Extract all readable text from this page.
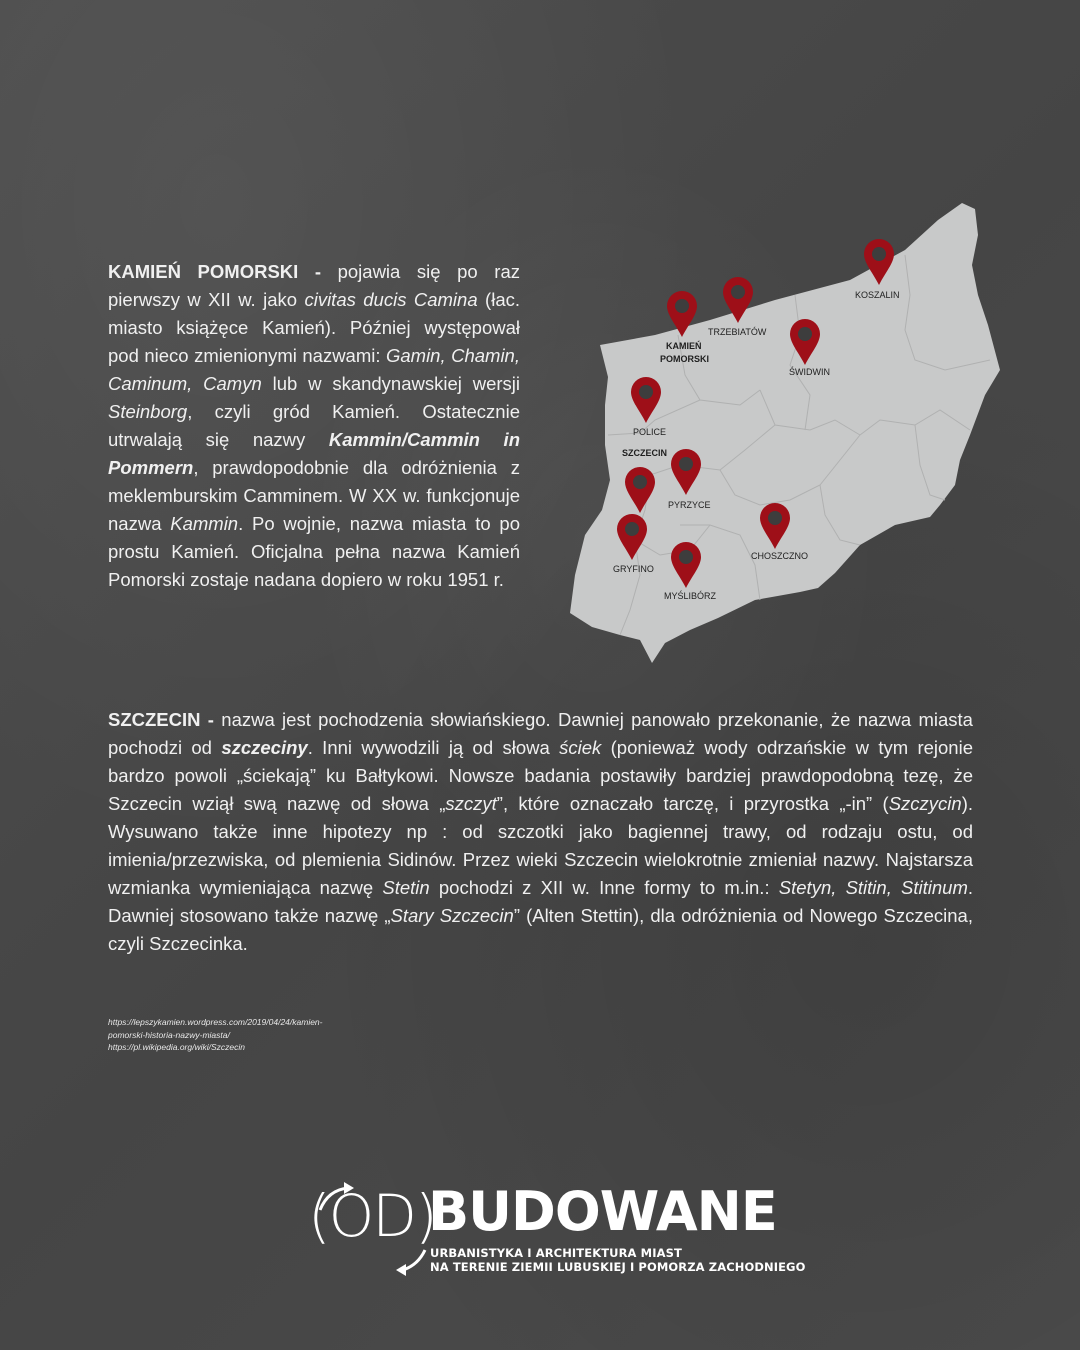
KAMIEŃ POMORSKI - pojawia się po raz pierwszy w XII w. jako civitas ducis Camina (łac. miasto książęce Kamień). Później występował pod nieco zmienionymi nazwami: Gamin, Chamin, Caminum, Camyn lub w skandynawskiej wersji Steinborg, czyli gród Kamień. Ostatecznie utrwalają się nazwy Kammin/Cammin in Pommern, prawdopodobnie dla odróżnienia z meklemburskim Camminem. W XX w. funkcjonuje nazwa Kammin. Po wojnie, nazwa miasta to po prostu Kamień. Oficjalna pełna nazwa Kamień Pomorski zostaje nadana dopiero w roku 1951 r.
KOSZALIN
TRZEBIATÓW
KAMIEŃ
POMORSKI
ŚWIDWIN
POLICE
SZCZECIN
PYRZYCE
GRYFINO
MYŚLIBÓRZ
CHOSZCZNO
SZCZECIN - nazwa jest pochodzenia słowiańskiego. Dawniej panowało przekonanie, że nazwa miasta pochodzi od szczeciny. Inni wywodzili ją od słowa ściek (ponieważ wody odrzańskie w tym rejonie bardzo powoli „ściekają” ku Bałtykowi. Nowsze badania postawiły bardziej prawdopodobną tezę, że Szczecin wziął swą nazwę od słowa „szczyt”, które oznaczało tarczę, i przyrostka „-in” (Szczycin). Wysuwano także inne hipotezy np : od szczotki jako bagiennej trawy, od rodzaju ostu, od imienia/przezwiska, od plemienia Sidinów. Przez wieki Szczecin wielokrotnie zmieniał nazwy. Najstarsza wzmianka wymieniająca nazwę Stetin pochodzi z XII w. Inne formy to m.in.: Stetyn, Stitin, Stitinum. Dawniej stosowano także nazwę „Stary Szczecin” (Alten Stettin), dla odróżnienia od Nowego Szczecina, czyli Szczecinka.
https://lepszykamien.wordpress.com/2019/04/24/kamien-
pomorski-historia-nazwy-miasta/
https://pl.wikipedia.org/wiki/Szczecin
(OD)
BUDOWANE
URBANISTYKA I ARCHITEKTURA MIAST
NA TERENIE ZIEMII LUBUSKIEJ I POMORZA ZACHODNIEGO
